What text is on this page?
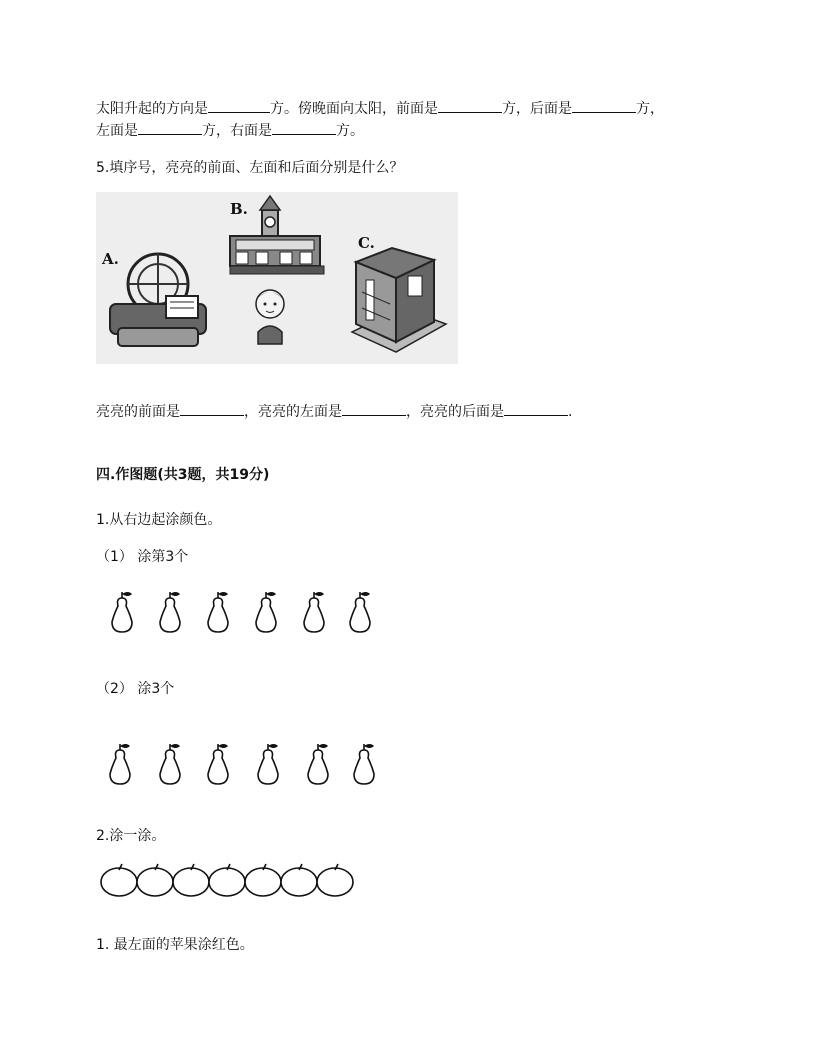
太阳升起的方向是	方。傍晚面向太阳，前面是	方，后面是	方，
左面是	方，右面是	方。
5.填序号，亮亮的前面、左面和后面分别是什么？
A.
B.
C.
亮亮的前面是	，亮亮的左面是	，亮亮的后面是	.
四.作图题(共3题，共19分)
1.从右边起涂颜色。
（1） 涂第3个
（2） 涂3个
2.涂一涂。
1. 最左面的苹果涂红色。
